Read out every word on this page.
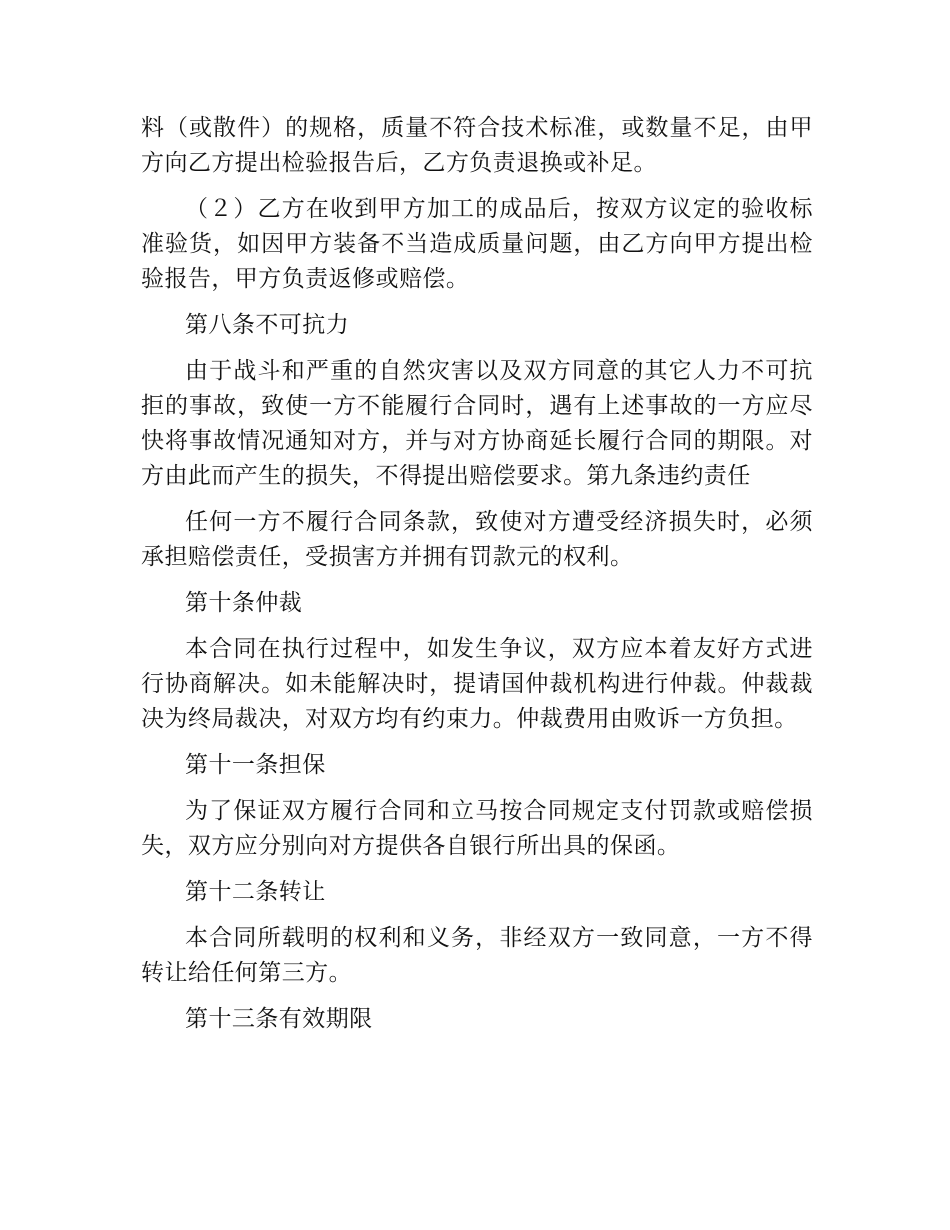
料（或散件）的规格，质量不符合技术标准，或数量不足，由甲方向乙方提出检验报告后，乙方负责退换或补足。

（２）乙方在收到甲方加工的成品后，按双方议定的验收标准验货，如因甲方装备不当造成质量问题，由乙方向甲方提出检验报告，甲方负责返修或赔偿。

第八条不可抗力

由于战斗和严重的自然灾害以及双方同意的其它人力不可抗拒的事故，致使一方不能履行合同时，遇有上述事故的一方应尽快将事故情况通知对方，并与对方协商延长履行合同的期限。对方由此而产生的损失，不得提出赔偿要求。第九条违约责任

任何一方不履行合同条款，致使对方遭受经济损失时，必须承担赔偿责任，受损害方并拥有罚款元的权利。

第十条仲裁

本合同在执行过程中，如发生争议，双方应本着友好方式进行协商解决。如未能解决时，提请国仲裁机构进行仲裁。仲裁裁决为终局裁决，对双方均有约束力。仲裁费用由败诉一方负担。

第十一条担保

为了保证双方履行合同和立马按合同规定支付罚款或赔偿损失，双方应分别向对方提供各自银行所出具的保函。

第十二条转让

本合同所载明的权利和义务，非经双方一致同意，一方不得转让给任何第三方。

第十三条有效期限
